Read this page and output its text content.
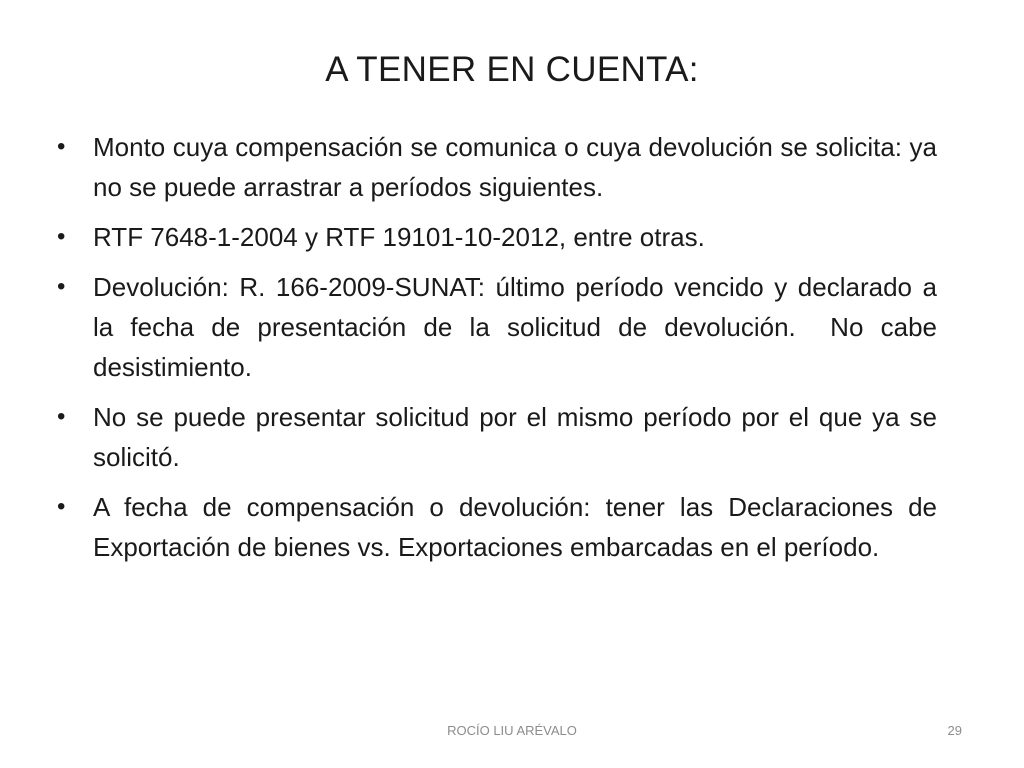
A TENER EN CUENTA:
• Monto cuya compensación se comunica o cuya devolución se solicita: ya no se puede arrastrar a períodos siguientes.
• RTF 7648-1-2004 y RTF 19101-10-2012, entre otras.
• Devolución: R. 166-2009-SUNAT: último período vencido y declarado a la fecha de presentación de la solicitud de devolución.  No cabe desistimiento.
• No se puede presentar solicitud por el mismo período por el que ya se solicitó.
• A fecha de compensación o devolución: tener las Declaraciones de Exportación de bienes vs. Exportaciones embarcadas en el período.
ROCÍO LIU ARÉVALO	29
